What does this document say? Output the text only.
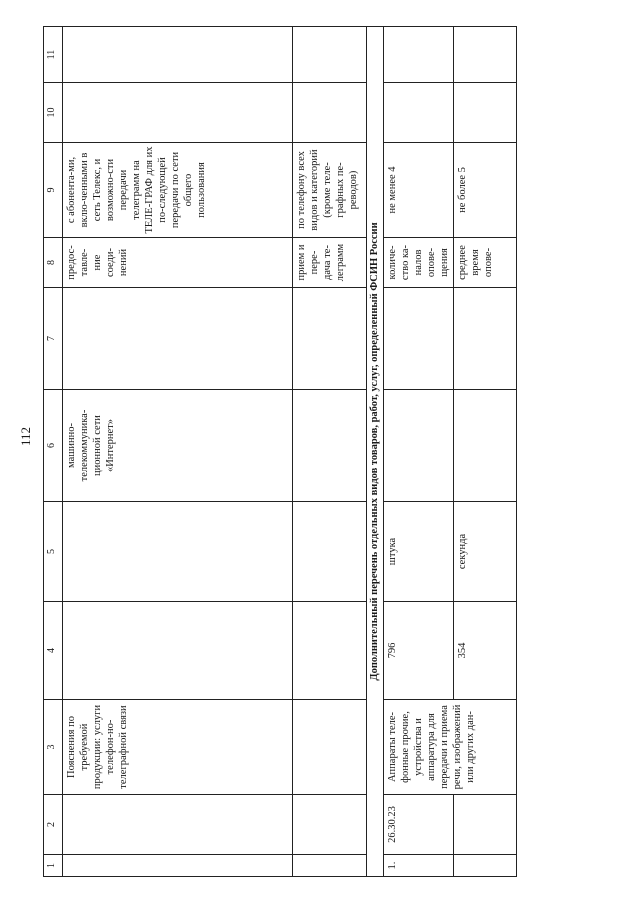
112
1	2	3	4	5	6	7	8	9	10	11
		Пояснения по требуемой продукции: услуги телефон-но-телеграфной связи			машинно-телекоммуника-ционной сети «Интернет»		предос-тавле-ние соеди-нений	с абонента-ми, вклю-ченными в сеть Телекс, и возможно-сти передачи телеграмм на ТЕЛЕ-ГРАФ для их по-следующей передачи по сети общего пользования		
							прием и пере-дача те-леграмм	по телефону всех видов и категорий (кроме теле-графных пе-реводов)		
Дополнительный перечень отдельных видов товаров, работ, услуг, определенный ФСИН России										
1.	26.30.23	Аппараты теле-фонные прочие, устройства и аппаратура для передачи и приема речи, изображений или других дан-	796	штука			количе-ство ка-налов оповe-щения	не менее 4		
			354	секунда			среднее время опове-	не более 5		
